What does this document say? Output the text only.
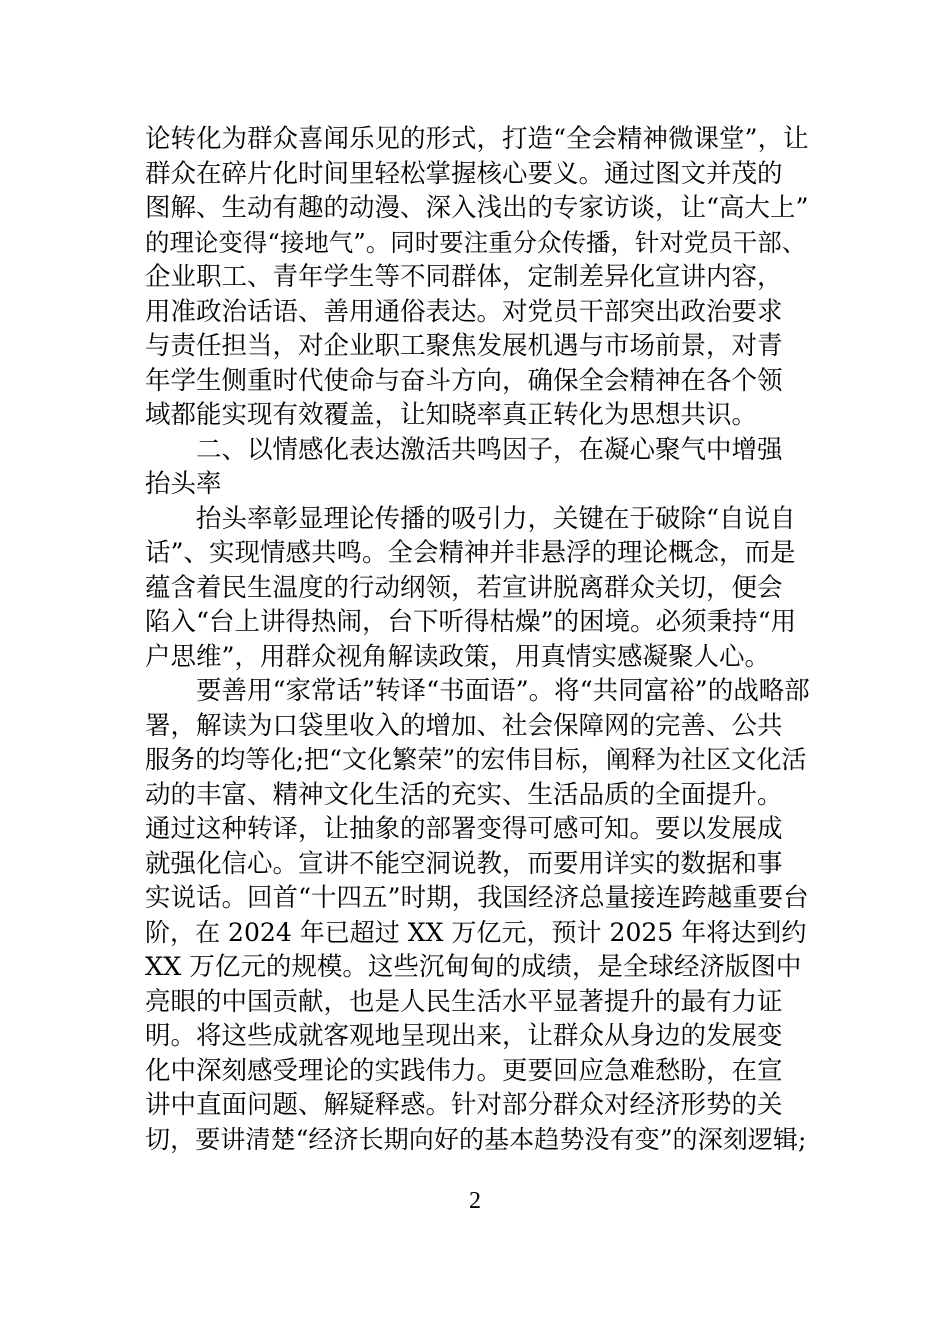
论转化为群众喜闻乐见的形式，打造“全会精神微课堂”，让
群众在碎片化时间里轻松掌握核心要义。通过图文并茂的
图解、生动有趣的动漫、深入浅出的专家访谈，让“高大上”
的理论变得“接地气”。同时要注重分众传播，针对党员干部、
企业职工、青年学生等不同群体，定制差异化宣讲内容，
用准政治话语、善用通俗表达。对党员干部突出政治要求
与责任担当，对企业职工聚焦发展机遇与市场前景，对青
年学生侧重时代使命与奋斗方向，确保全会精神在各个领
域都能实现有效覆盖，让知晓率真正转化为思想共识。
二、以情感化表达激活共鸣因子，在凝心聚气中增强
抬头率
抬头率彰显理论传播的吸引力，关键在于破除“自说自
话”、实现情感共鸣。全会精神并非悬浮的理论概念，而是
蕴含着民生温度的行动纲领，若宣讲脱离群众关切，便会
陷入“台上讲得热闹，台下听得枯燥”的困境。必须秉持“用
户思维”，用群众视角解读政策，用真情实感凝聚人心。
要善用“家常话”转译“书面语”。将“共同富裕”的战略部
署，解读为口袋里收入的增加、社会保障网的完善、公共
服务的均等化;把“文化繁荣”的宏伟目标，阐释为社区文化活
动的丰富、精神文化生活的充实、生活品质的全面提升。
通过这种转译，让抽象的部署变得可感可知。要以发展成
就强化信心。宣讲不能空洞说教，而要用详实的数据和事
实说话。回首“十四五”时期，我国经济总量接连跨越重要台
阶，在 2024 年已超过 XX 万亿元，预计 2025 年将达到约
XX 万亿元的规模。这些沉甸甸的成绩，是全球经济版图中
亮眼的中国贡献，也是人民生活水平显著提升的最有力证
明。将这些成就客观地呈现出来，让群众从身边的发展变
化中深刻感受理论的实践伟力。更要回应急难愁盼，在宣
讲中直面问题、解疑释惑。针对部分群众对经济形势的关
切，要讲清楚“经济长期向好的基本趋势没有变”的深刻逻辑;
2
